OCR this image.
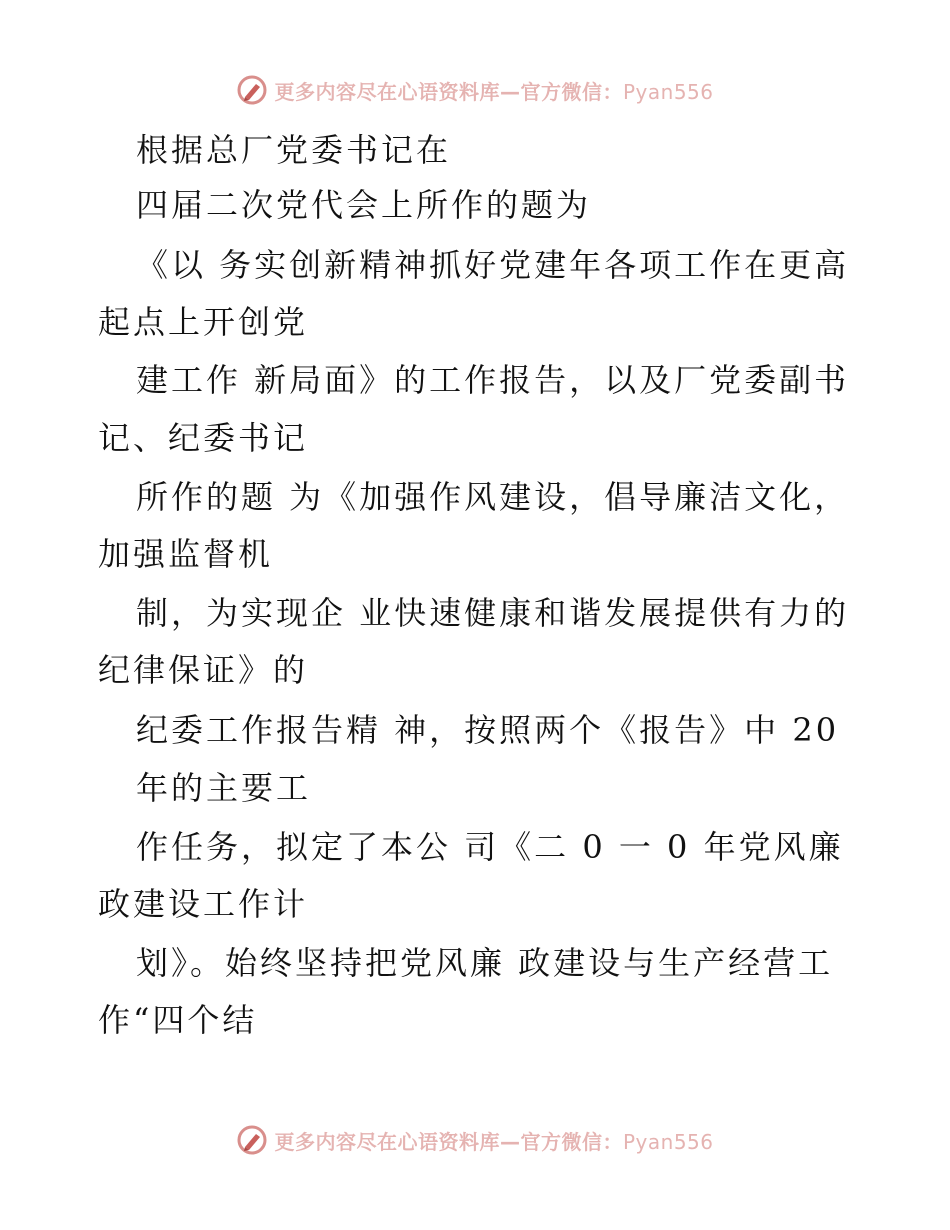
更多内容尽在心语资料库—官方微信：Pyan556
根据总厂党委书记在
四届二次党代会上所作的题为
《以 务实创新精神抓好党建年各项工作在更高
起点上开创党
建工作 新局面》的工作报告，以及厂党委副书
记、纪委书记
所作的题 为《加强作风建设，倡导廉洁文化，
加强监督机
制，为实现企 业快速健康和谐发展提供有力的
纪律保证》的
纪委工作报告精 神，按照两个《报告》中 20
年的主要工
作任务，拟定了本公 司《二 0 一 0 年党风廉
政建设工作计
划》。始终坚持把党风廉 政建设与生产经营工
作“四个结
更多内容尽在心语资料库—官方微信：Pyan556
